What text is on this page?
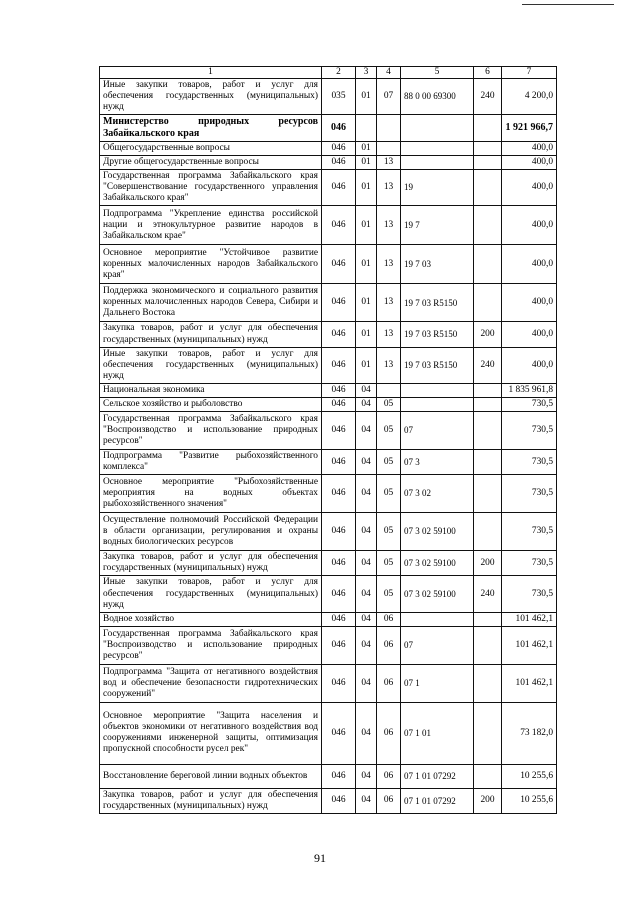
1	2	3	4	5	6	7
Иные закупки товаров, работ и услуг для обеспечения государственных (муниципальных) нужд	035	01	07	88 0 00 69300	240	4 200,0
Министерство природных ресурсов Забайкальского края	046					1 921 966,7
Общегосударственные вопросы	046	01				400,0
Другие общегосударственные вопросы	046	01	13			400,0
Государственная программа Забайкальского края "Совершенствование государственного управления Забайкальского края"	046	01	13	19		400,0
Подпрограмма "Укрепление единства российской нации и этнокультурное развитие народов в Забайкальском крае"	046	01	13	19 7		400,0
Основное мероприятие "Устойчивое развитие коренных малочисленных народов Забайкальского края"	046	01	13	19 7 03		400,0
Поддержка экономического и социального развития коренных малочисленных народов Севера, Сибири и Дальнего Востока	046	01	13	19 7 03 R5150		400,0
Закупка товаров, работ и услуг для обеспечения государственных (муниципальных) нужд	046	01	13	19 7 03 R5150	200	400,0
Иные закупки товаров, работ и услуг для обеспечения государственных (муниципальных) нужд	046	01	13	19 7 03 R5150	240	400,0
Национальная экономика	046	04				1 835 961,8
Сельское хозяйство и рыболовство	046	04	05			730,5
Государственная программа Забайкальского края "Воспроизводство и использование природных ресурсов"	046	04	05	07		730,5
Подпрограмма "Развитие рыбохозяйственного комплекса"	046	04	05	07 3		730,5
Основное мероприятие "Рыбохозяйственные мероприятия на водных объектах рыбохозяйственного значения"	046	04	05	07 3 02		730,5
Осуществление полномочий Российской Федерации в области организации, регулирования и охраны водных биологических ресурсов	046	04	05	07 3 02 59100		730,5
Закупка товаров, работ и услуг для обеспечения государственных (муниципальных) нужд	046	04	05	07 3 02 59100	200	730,5
Иные закупки товаров, работ и услуг для обеспечения государственных (муниципальных) нужд	046	04	05	07 3 02 59100	240	730,5
Водное хозяйство	046	04	06			101 462,1
Государственная программа Забайкальского края "Воспроизводство и использование природных ресурсов"	046	04	06	07		101 462,1
Подпрограмма "Защита от негативного воздействия вод и обеспечение безопасности гидротехнических сооружений"	046	04	06	07 1		101 462,1
Основное мероприятие "Защита населения и объектов экономики от негативного воздействия вод сооружениями инженерной защиты, оптимизация пропускной способности русел рек"	046	04	06	07 1 01		73 182,0
Восстановление береговой линии водных объектов	046	04	06	07 1 01 07292		10 255,6
Закупка товаров, работ и услуг для обеспечения государственных (муниципальных) нужд	046	04	06	07 1 01 07292	200	10 255,6
91
